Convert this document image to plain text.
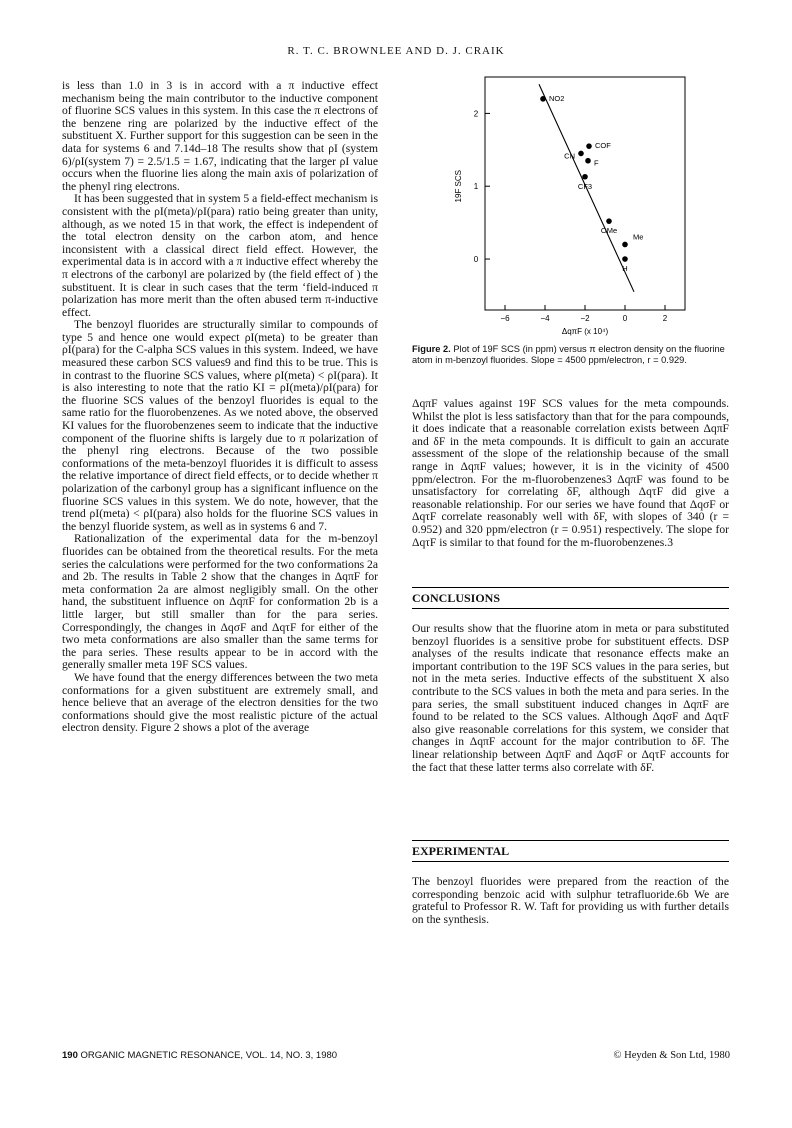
R. T. C. BROWNLEE AND D. J. CRAIK

is less than 1.0 in 3 is in accord with a π inductive effect mechanism being the main contributor to the inductive component of fluorine SCS values in this system. In this case the π electrons of the benzene ring are polarized by the inductive effect of the substituent X. Further support for this suggestion can be seen in the data for systems 6 and 7.14d–18 The results show that ρI (system 6)/ρI(system 7) = 2.5/1.5 = 1.67, indicating that the larger ρI value occurs when the fluorine lies along the main axis of polarization of the phenyl ring electrons.

It has been suggested that in system 5 a field-effect mechanism is consistent with the ρI(meta)/ρI(para) ratio being greater than unity, although, as we noted 15 in that work, the effect is independent of the total electron density on the carbon atom, and hence inconsistent with a classical direct field effect. However, the experimental data is in accord with a π inductive effect whereby the π electrons of the carbonyl are polarized by (the field effect of ) the substituent. It is clear in such cases that the term ‘field-induced π polarization has more merit than the often abused term π-inductive effect.

The benzoyl fluorides are structurally similar to compounds of type 5 and hence one would expect ρI(meta) to be greater than ρI(para) for the C-alpha SCS values in this system. Indeed, we have measured these carbon SCS values9 and find this to be true. This is in contrast to the fluorine SCS values, where ρI(meta) < ρI(para). It is also interesting to note that the ratio KI = ρI(meta)/ρI(para) for the fluorine SCS values of the benzoyl fluorides is equal to the same ratio for the fluorobenzenes. As we noted above, the observed KI values for the fluorobenzenes seem to indicate that the inductive component of the fluorine shifts is largely due to π polarization of the phenyl ring electrons. Because of the two possible conformations of the meta-benzoyl fluorides it is difficult to assess the relative importance of direct field effects, or to decide whether π polarization of the carbonyl group has a significant influence on the fluorine SCS values in this system. We do note, however, that the trend ρI(meta) < ρI(para) also holds for the fluorine SCS values in the benzyl fluoride system, as well as in systems 6 and 7.

Rationalization of the experimental data for the m-benzoyl fluorides can be obtained from the theoretical results. For the meta series the calculations were performed for the two conformations 2a and 2b. The results in Table 2 show that the changes in ΔqπF for meta conformation 2a are almost negligibly small. On the other hand, the substituent influence on ΔqπF for conformation 2b is a little larger, but still smaller than for the para series. Correspondingly, the changes in ΔqσF and ΔqτF for either of the two meta conformations are also smaller than the same terms for the para series. These results appear to be in accord with the generally smaller meta 19F SCS values.

We have found that the energy differences between the two meta conformations for a given substituent are extremely small, and hence believe that an average of the electron densities for the two conformations should give the most realistic picture of the actual electron density. Figure 2 shows a plot of the average

2
1
0
−6	−4	−2	0	2
NO2
CN
COF
F
CF3
OMe
Me
H
19F SCS
ΔqπF (x 10⁴)
Figure 2. Plot of 19F SCS (in ppm) versus π electron density on the fluorine atom in m-benzoyl fluorides. Slope = 4500 ppm/electron, r = 0.929.

ΔqπF values against 19F SCS values for the meta compounds. Whilst the plot is less satisfactory than that for the para compounds, it does indicate that a reasonable correlation exists between ΔqπF and δF in the meta compounds. It is difficult to gain an accurate assessment of the slope of the relationship because of the small range in ΔqπF values; however, it is in the vicinity of 4500 ppm/electron. For the m-fluorobenzenes3 ΔqπF was found to be unsatisfactory for correlating δF, although ΔqτF did give a reasonable relationship. For our series we have found that ΔqσF or ΔqτF correlate reasonably well with δF, with slopes of 340 (r = 0.952) and 320 ppm/electron (r = 0.951) respectively. The slope for ΔqτF is similar to that found for the m-fluorobenzenes.3

CONCLUSIONS

Our results show that the fluorine atom in meta or para substituted benzoyl fluorides is a sensitive probe for substituent effects. DSP analyses of the results indicate that resonance effects make an important contribution to the 19F SCS values in the para series, but not in the meta series. Inductive effects of the substituent X also contribute to the SCS values in both the meta and para series. In the para series, the small substituent induced changes in ΔqπF are found to be related to the SCS values. Although ΔqσF and ΔqτF also give reasonable correlations for this system, we consider that changes in ΔqπF account for the major contribution to δF. The linear relationship between ΔqπF and ΔqσF or ΔqτF accounts for the fact that these latter terms also correlate with δF.

EXPERIMENTAL

The benzoyl fluorides were prepared from the reaction of the corresponding benzoic acid with sulphur tetrafluoride.6b We are grateful to Professor R. W. Taft for providing us with further details on the synthesis.

190 ORGANIC MAGNETIC RESONANCE, VOL. 14, NO. 3, 1980	© Heyden & Son Ltd, 1980
